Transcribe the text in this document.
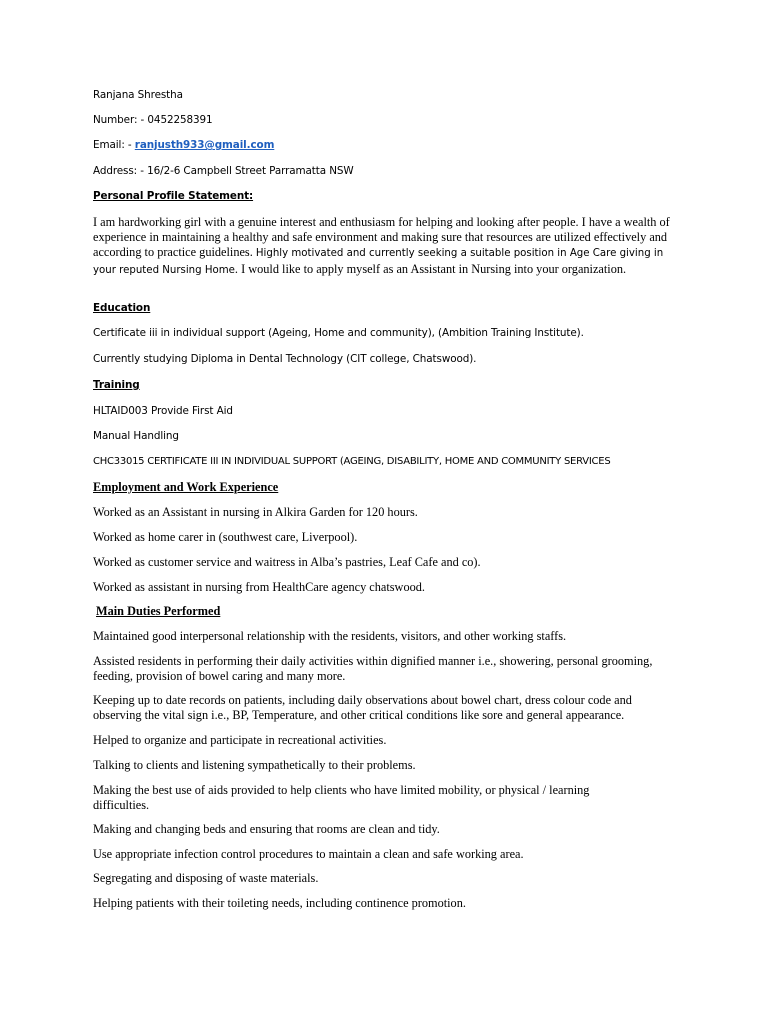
Ranjana Shrestha

Number: - 0452258391

Email: - ranjusth933@gmail.com

Address: - 16/2-6 Campbell Street Parramatta NSW

Personal Profile Statement:

I am hardworking girl with a genuine interest and enthusiasm for helping and looking after people. I have a wealth of experience in maintaining a healthy and safe environment and making sure that resources are utilized effectively and according to practice guidelines. Highly motivated and currently seeking a suitable position in Age Care giving in your reputed Nursing Home. I would like to apply myself as an Assistant in Nursing into your organization.

Education

Certificate iii in individual support (Ageing, Home and community), (Ambition Training Institute).

Currently studying Diploma in Dental Technology (CIT college, Chatswood).

Training

HLTAID003 Provide First Aid

Manual Handling

CHC33015 CERTIFICATE III IN INDIVIDUAL SUPPORT (AGEING, DISABILITY, HOME AND COMMUNITY SERVICES

Employment and Work Experience

Worked as an Assistant in nursing in Alkira Garden for 120 hours.

Worked as home carer in (southwest care, Liverpool).

Worked as customer service and waitress in Alba’s pastries, Leaf Cafe and co).

Worked as assistant in nursing from HealthCare agency chatswood.

Main Duties Performed

Maintained good interpersonal relationship with the residents, visitors, and other working staffs.

Assisted residents in performing their daily activities within dignified manner i.e., showering, personal grooming, feeding, provision of bowel caring and many more.

Keeping up to date records on patients, including daily observations about bowel chart, dress colour code and observing the vital sign i.e., BP, Temperature, and other critical conditions like sore and general appearance.

Helped to organize and participate in recreational activities.

Talking to clients and listening sympathetically to their problems.

Making the best use of aids provided to help clients who have limited mobility, or physical / learning difficulties.

Making and changing beds and ensuring that rooms are clean and tidy.

Use appropriate infection control procedures to maintain a clean and safe working area.

Segregating and disposing of waste materials.

Helping patients with their toileting needs, including continence promotion.
